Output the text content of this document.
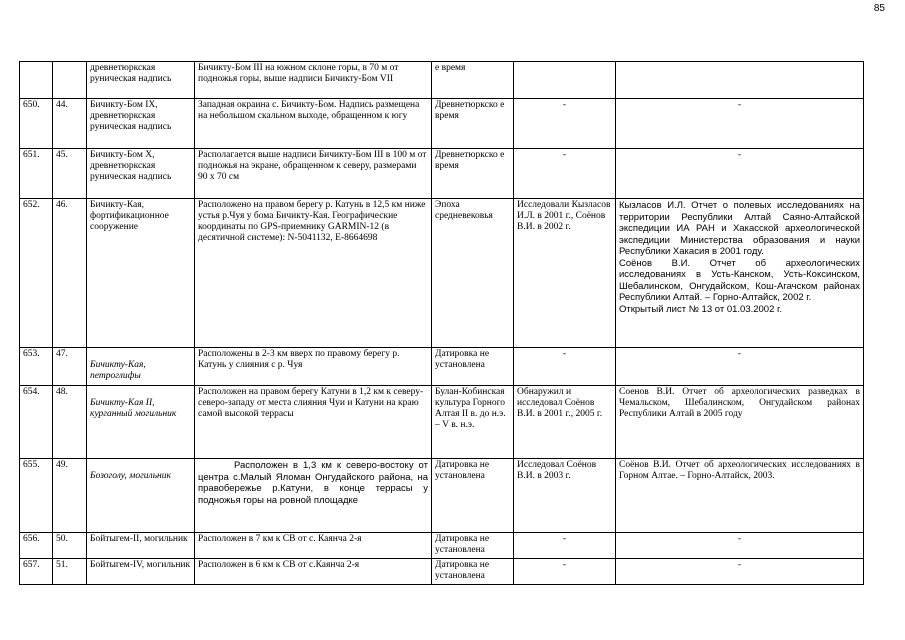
85
		древнетюркская руническая надпись	Бичикту-Бом III на южном склоне горы, в 70 м от подножья горы, выше надписи Бичикту-Бом VII	е время		
650.	44.	Бичикту-Бом IX, древнетюркская руническая надпись	Западная окраина с. Бичикту-Бом. Надпись размещена на небольшом скальном выходе, обращенном к югу	Древнетюркско е время	-	-
651.	45.	Бичикту-Бом X, древнетюркская руническая надпись	Располагается выше надписи Бичикту-Бом III в 100 м от подножья на экране, обращенном к северу, размерами 90 х 70 см	Древнетюркско е время	-	-
652.	46.	Бичикту-Кая, фортификационное сооружение	Расположено на правом берегу р. Катунь в 12,5 км ниже устья р.Чуя у бома Бичикту-Кая. Географические координаты по GPS-приемнику GARMIN-12 (в десятичной системе): N-5041132, E-8664698	Эпоха средневековья	Исследовали Кызласов И.Л. в 2001 г., Сoёнов В.И. в 2002 г.	Кызласов И.Л. Отчет о полевых исследованиях на территории Республики Алтай Саяно-Алтайской экспедиции ИА РАН и Хакасской археологической экспедиции Министерства образования и науки Республики Хакасия в 2001 году.

Соёнов В.И. Отчет об археологических исследованиях в Усть-Канском, Усть-Коксинском, Шебалинском, Онгудайском, Кош-Агачском районах Республики Алтай. – Горно-Алтайск, 2002 г.

Открытый лист № 13 от 01.03.2002 г.

653.	47.	Бичикту-Кая, петроглифы	Расположены в 2-3 км вверх по правому берегу р. Катунь у слияния с р. Чуя	Датировка не установлена	-	-
654.	48.	Бичикту-Кая II, курганный могильник	Расположен на правом берегу Катуни в 1,2 км к северу-северо-западу от места слияния Чуи и Катуни на краю самой высокой террасы	Булан-Кобинская культура Горного Алтая II в. до н.э. – V в. н.э.	Обнаружил и исследовал Соёнов В.И. в 2001 г., 2005 г.	Соенов В.И. Отчет об археологических разведках в Чемальском, Шебалинском, Онгудайском районах Республики Алтай в 2005 году
655.	49.	Бозоголу, могильник	Расположен в 1,3 км к северо-востоку от центра с.Малый Яломан Онгудайского района, на правобережье р.Катуни, в конце террасы у подножья горы на ровной площадке	Датировка не установлена	Исследовал Соёнов В.И. в 2003 г.	Соёнов В.И. Отчет об археологических исследованиях в Горном Алтае. – Горно-Алтайск, 2003.
656.	50.	Бойтыгем-II, могильник	Расположен в 7 км к СВ от с. Каянча 2-я	Датировка не установлена	-	-
657.	51.	Бойтыгем-IV, могильник	Расположен в 6 км к СВ от с.Каянча 2-я	Датировка не установлена	-	-
